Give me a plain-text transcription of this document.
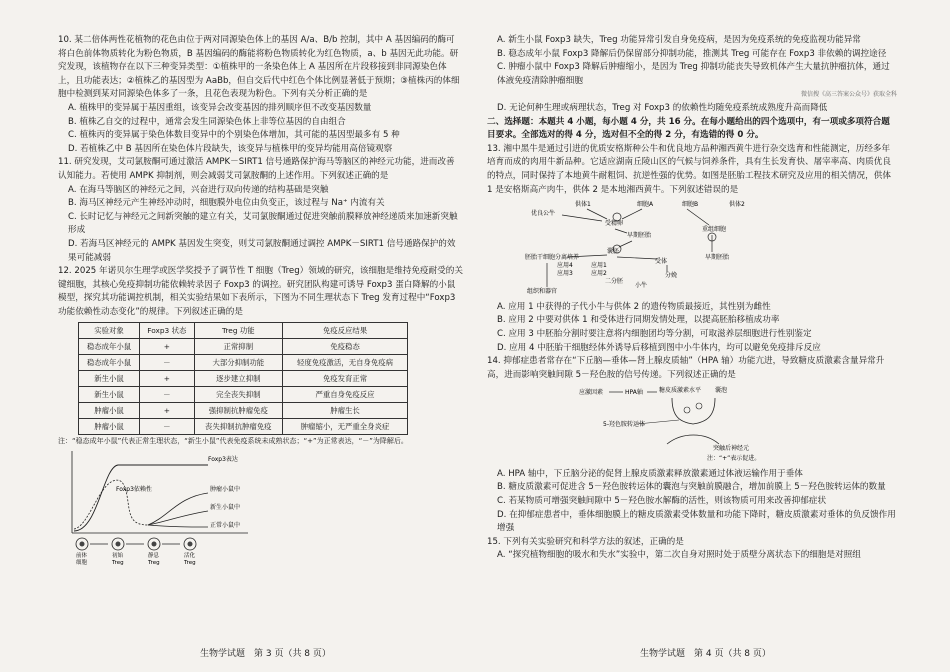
10. 某二倍体两性花植物的花色由位于两对同源染色体上的基因 A/a、B/b 控制，其中 A 基因编码的酶可将白色前体物质转化为粉色物质，B 基因编码的酶能将粉色物质转化为红色物质，a、b 基因无此功能。研究发现，该植物存在以下三种变异类型：①植株甲的一条染色体上 A 基因所在片段移接到非同源染色体上，且功能表达；②植株乙的基因型为 AaBb，但自交后代中红色个体比例显著低于预期；③植株丙的体细胞中检测到某对同源染色体多了一条，且花色表现为粉色。下列有关分析正确的是

A. 植株甲的变异属于基因重组，该变异会改变基因的排列顺序但不改变基因数量

B. 植株乙自交的过程中，通常会发生同源染色体上非等位基因的自由组合

C. 植株丙的变异属于染色体数目变异中的个别染色体增加，其可能的基因型最多有 5 种

D. 若植株乙中 B 基因所在染色体片段缺失，该变异与植株甲的变异均能用高倍镜观察

11. 研究发现，艾司氯胺酮可通过激活 AMPK－SIRT1 信号通路保护海马等脑区的神经元功能，进而改善认知能力。若使用 AMPK 抑制剂，则会减弱艾司氯胺酮的上述作用。下列叙述正确的是

A. 在海马等脑区的神经元之间，兴奋进行双向传递的结构基础是突触

B. 海马区神经元产生神经冲动时，细胞膜外电位由负变正，该过程与 Na⁺ 内流有关

C. 长时记忆与神经元之间新突触的建立有关，艾司氯胺酮通过促进突触前膜释放神经递质来加速新突触形成

D. 若海马区神经元的 AMPK 基因发生突变，则艾司氯胺酮通过调控 AMPK－SIRT1 信号通路保护的效果可能减弱

12. 2025 年诺贝尔生理学或医学奖授予了调节性 T 细胞（Treg）领域的研究，该细胞是维持免疫耐受的关键细胞，其核心免疫抑制功能依赖转录因子 Foxp3 的调控。研究团队构建可诱导 Foxp3 蛋白降解的小鼠模型，探究其功能调控机制，相关实验结果如下表所示，下图为不同生理状态下 Treg 发育过程中“Foxp3 功能依赖性动态变化”的规律。下列叙述正确的是

实验对象	Foxp3 状态	Treg 功能	免疫反应结果
稳态成年小鼠	+	正常抑制	免疫稳态
稳态成年小鼠	－	大部分抑制功能	轻度免疫激活，无自身免疫病
新生小鼠	+	逐步建立抑制	免疫发育正常
新生小鼠	－	完全丧失抑制	严重自身免疫反应
肿瘤小鼠	+	强抑制抗肿瘤免疫	肿瘤生长
肿瘤小鼠	－	丧失抑制抗肿瘤免疫	肿瘤缩小，无严重全身炎症

注：“稳态成年小鼠”代表正常生理状态，“新生小鼠”代表免疫系统未成熟状态；“+”为正常表达，“－”为降解后。

Foxp3表达
Foxp3依赖性	肿瘤小鼠中
新生小鼠中
正常小鼠中
前体
细胞
初始
Treg
静息
Treg
活化
Treg
生物学试题　第 3 页（共 8 页）

A. 新生小鼠 Foxp3 缺失，Treg 功能异常引发自身免疫病，是因为免疫系统的免疫监视功能异常

B. 稳态成年小鼠 Foxp3 降解后仍保留部分抑制功能，推测其 Treg 可能存在 Foxp3 非依赖的调控途径

C. 肿瘤小鼠中 Foxp3 降解后肿瘤缩小，是因为 Treg 抑制功能丧失导致机体产生大量抗肿瘤抗体，通过体液免疫清除肿瘤细胞

微信搜《高三答案公众号》获取全科

D. 无论何种生理或病理状态，Treg 对 Foxp3 的依赖性均随免疫系统成熟度升高而降低

二、选择题：本题共 4 小题，每小题 4 分，共 16 分。在每小题给出的四个选项中，有一项或多项符合题目要求。全部选对的得 4 分，选对但不全的得 2 分，有选错的得 0 分。

13. 湘中黑牛是通过引进的优质安格斯种公牛和优良地方品种湘西黄牛进行杂交选育和性能测定，历经多年培育而成的肉用牛新品种。它适应湖南丘陵山区的气候与饲养条件，具有生长发育快、屠宰率高、肉质优良的特点，同时保持了本地黄牛耐粗饲、抗逆性强的优势。如图是胚胎工程技术研究及应用的相关情况，供体 1 是安格斯高产肉牛，供体 2 是本地湘西黄牛。下列叙述错误的是

供体1
优良公牛
细胞A	细胞B	供体2
受精卵
重组细胞
早期胚胎
囊胚
胚胎干细胞分离培养
应用1
应用2
应用3
应用4
二分胚
受体
分娩
小牛
组织和器官
早期胚胎

A. 应用 1 中获得的子代小牛与供体 2 的遗传物质最接近，其性别为雌性

B. 应用 2 中要对供体 1 和受体进行同期发情处理，以提高胚胎移植成功率

C. 应用 3 中胚胎分割时要注意将内细胞团均等分割，可取滋养层细胞进行性别鉴定

D. 应用 4 中胚胎干细胞经体外诱导后移植到图中小牛体内，均可以避免免疫排斥反应

14. 抑郁症患者常存在“下丘脑—垂体—肾上腺皮质轴”（HPA 轴）功能亢进，导致糖皮质激素含量异常升高，进而影响突触间隙 5－羟色胺的信号传递。下列叙述正确的是

应激因素	HPA轴	糖皮质激素水平 囊泡
5-羟色胺转运体
突触后神经元
注：“+”表示促进。

A. HPA 轴中，下丘脑分泌的促肾上腺皮质激素释放激素通过体液运输作用于垂体

B. 糖皮质激素可促进含 5－羟色胺转运体的囊泡与突触前膜融合，增加前膜上 5－羟色胺转运体的数量

C. 若某物质可增强突触间隙中 5－羟色胺水解酶的活性，则该物质可用来改善抑郁症状

D. 在抑郁症患者中，垂体细胞膜上的糖皮质激素受体数量和功能下降时，糖皮质激素对垂体的负反馈作用增强

15. 下列有关实验研究和科学方法的叙述，正确的是

A. “探究植物细胞的吸水和失水”实验中，第二次自身对照时处于质壁分离状态下的细胞是对照组

生物学试题　第 4 页（共 8 页）
